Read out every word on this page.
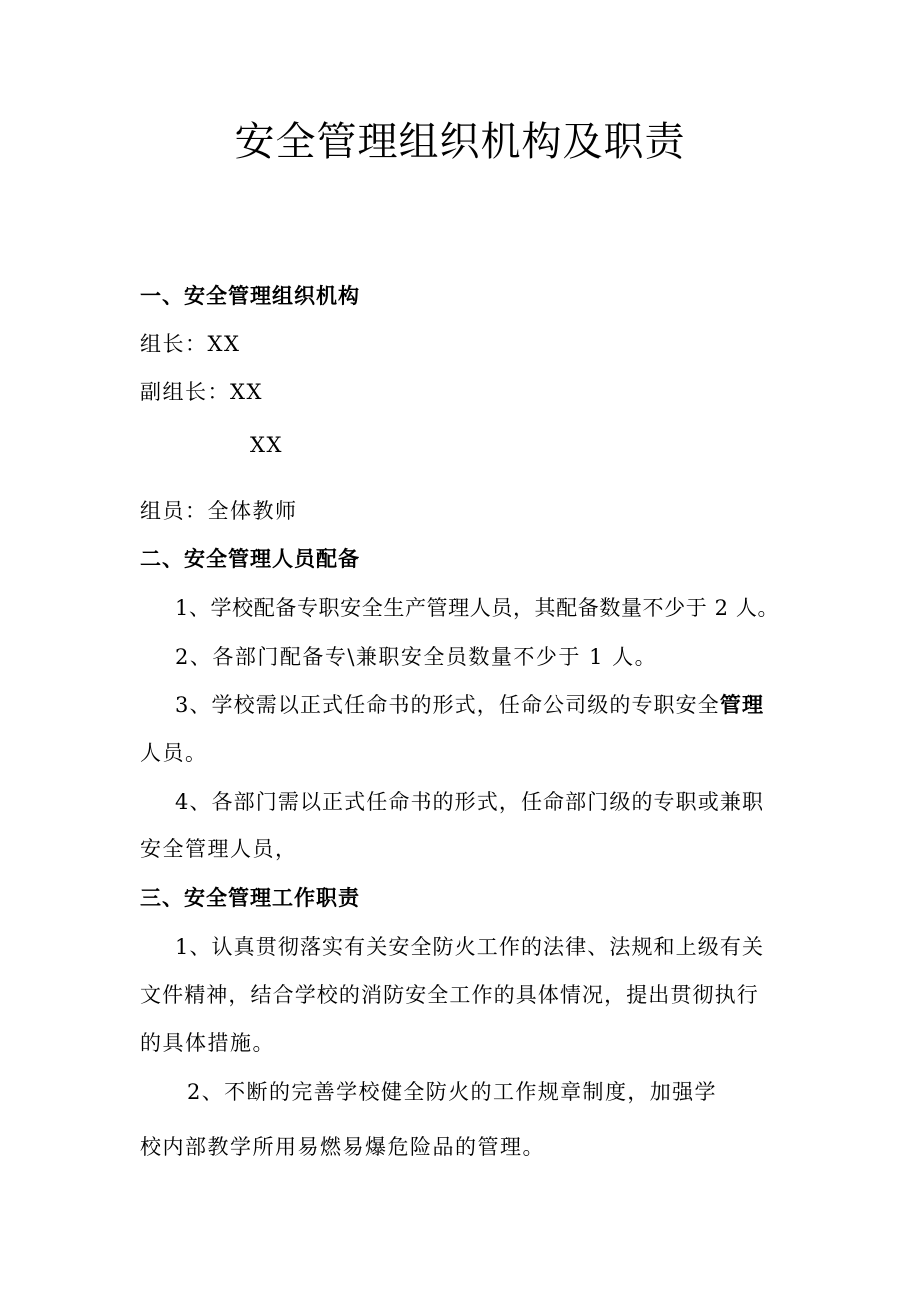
安全管理组织机构及职责
一、安全管理组织机构
组长：XX
副组长：XX
XX
组员：全体教师
二、安全管理人员配备
1、学校配备专职安全生产管理人员，其配备数量不少于 2 人。
2、各部门配备专\兼职安全员数量不少于 1 人。
3、学校需以正式任命书的形式，任命公司级的专职安全管理
人员。
4、各部门需以正式任命书的形式，任命部门级的专职或兼职
安全管理人员，
三、安全管理工作职责
1、认真贯彻落实有关安全防火工作的法律、法规和上级有关
文件精神，结合学校的消防安全工作的具体情况，提出贯彻执行
的具体措施。
2、不断的完善学校健全防火的工作规章制度，加强学
校内部教学所用易燃易爆危险品的管理。
